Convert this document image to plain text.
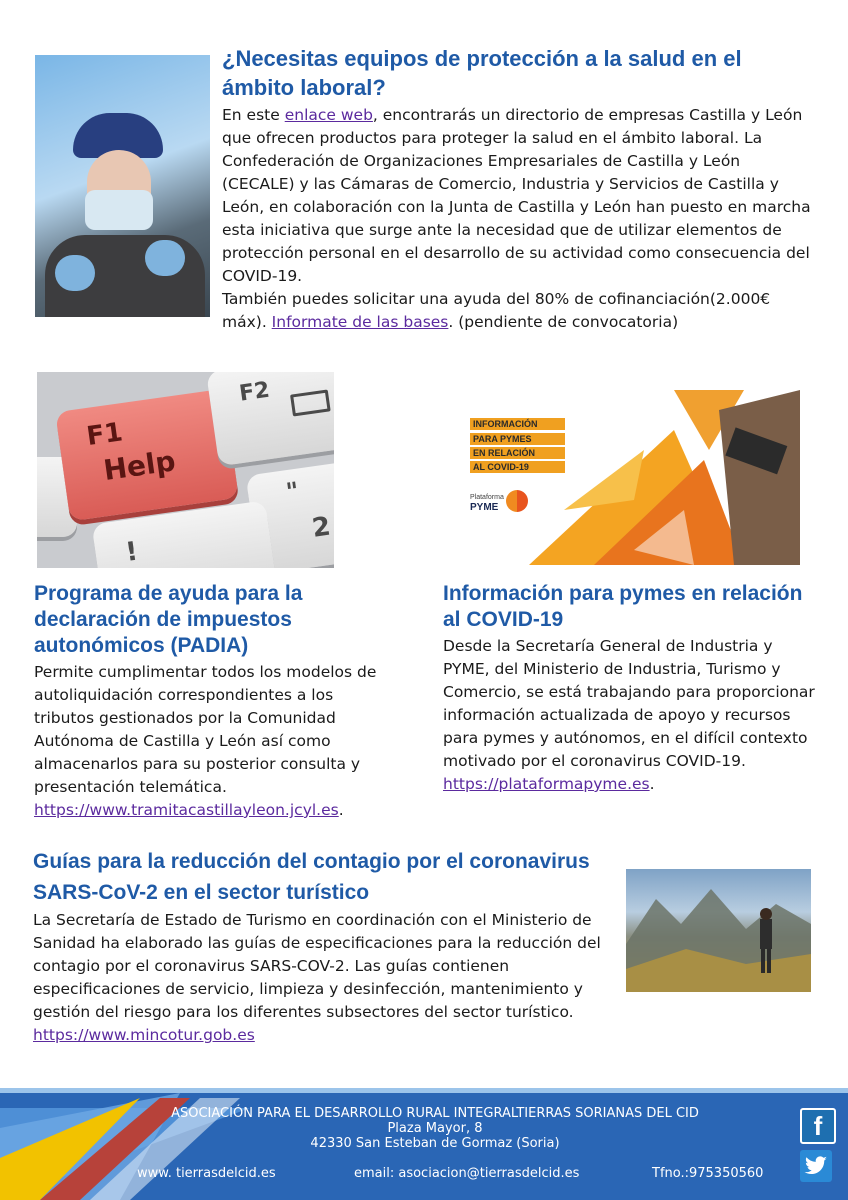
¿Necesitas equipos de protección a la salud en el ámbito laboral?

En este enlace web, encontrarás un directorio de empresas Castilla y León que ofrecen productos para proteger la salud en el ámbito laboral. La Confederación de Organizaciones Empresariales de Castilla y León (CECALE) y las Cámaras de Comercio, Industria y Servicios de Castilla y León, en colaboración con la Junta de Castilla y León han puesto en marcha esta iniciativa que surge ante la necesidad que de utilizar elementos de protección personal en el desarrollo de su actividad como consecuencia del COVID-19.

También puedes solicitar una ayuda del 80% de cofinanciación(2.000€ máx). Informate de las bases. (pendiente de convocatoria)

F1
Help
F2
"
!
2
INFORMACIÓN
PARA PYMES
EN RELACIÓN
AL COVID-19
Plataforma
PYME
Programa de ayuda para la declaración de impuestos autonómicos (PADIA)

Permite cumplimentar todos los modelos de autoliquidación correspondientes a los tributos gestionados por la Comunidad Autónoma de Castilla y León así como almacenarlos para su posterior consulta y presentación telemática.
https://www.tramitacastillayleon.jcyl.es.

Información para pymes en relación al COVID-19

Desde la Secretaría General de Industria y PYME, del Ministerio de Industria, Turismo y Comercio, se está trabajando para proporcionar información actualizada de apoyo y recursos para pymes y autónomos, en el difícil contexto motivado por el coronavirus COVID-19.
https://plataformapyme.es.

Guías para la reducción del contagio por el coronavirus SARS-CoV-2 en el sector turístico

La Secretaría de Estado de Turismo en coordinación con el Ministerio de Sanidad ha elaborado las guías de especificaciones para la reducción del contagio por el coronavirus SARS-COV-2. Las guías contienen especificaciones de servicio, limpieza y desinfección, mantenimiento y gestión del riesgo para los diferentes subsectores del sector turístico. https://www.mincotur.gob.es

ASOCIACIÓN PARA EL DESARROLLO RURAL INTEGRALTIERRAS SORIANAS DEL CID
Plaza Mayor, 8
42330 San Esteban de Gormaz (Soria)
www. tierrasdelcid.es	email: asociacion@tierrasdelcid.es	Tfno.:975350560
f
